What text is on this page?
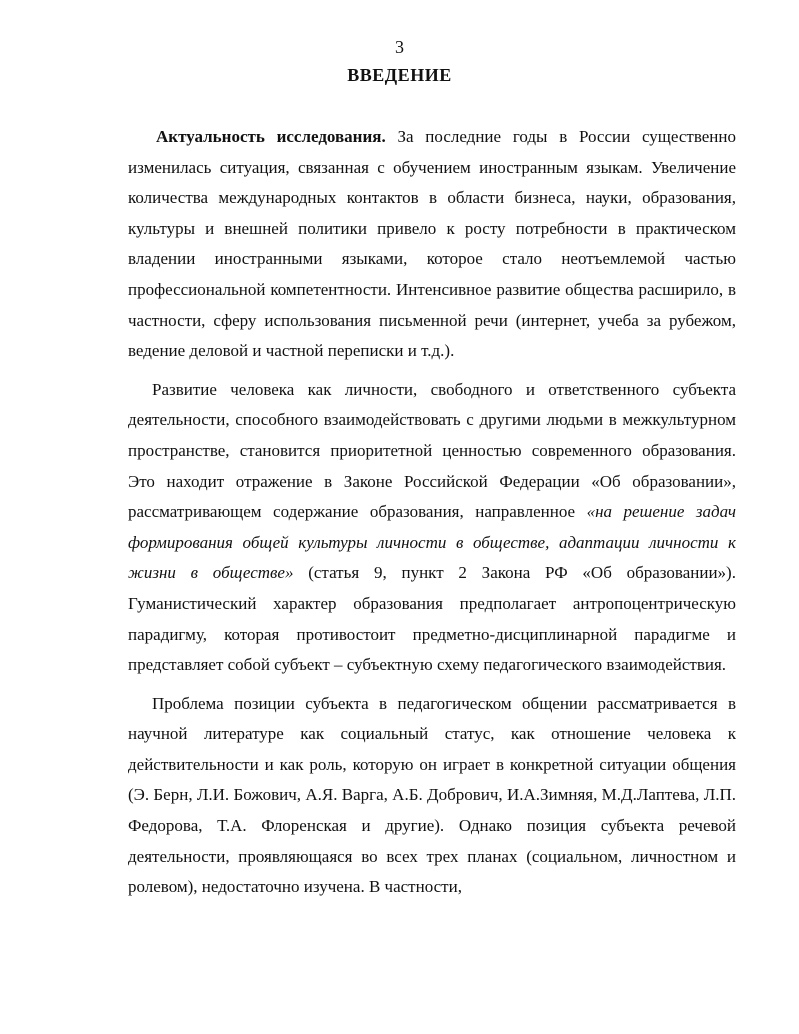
3
ВВЕДЕНИЕ

Актуальность исследования. За последние годы в России существенно изменилась ситуация, связанная с обучением иностранным языкам. Увеличение количества международных контактов в области бизнеса, науки, образования, культуры и внешней политики привело к росту потребности в практическом владении иностранными языками, которое стало неотъемлемой частью профессиональной компетентности. Интенсивное развитие общества расширило, в частности, сферу использования письменной речи (интернет, учеба за рубежом, ведение деловой и частной переписки и т.д.).

Развитие человека как личности, свободного и ответственного субъекта деятельности, способного взаимодействовать с другими людьми в межкультурном пространстве, становится приоритетной ценностью современного образования. Это находит отражение в Законе Российской Федерации «Об образовании», рассматривающем содержание образования, направленное «на решение задач формирования общей культуры личности в обществе, адаптации личности к жизни в обществе» (статья 9, пункт 2 Закона РФ «Об образовании»). Гуманистический характер образования предполагает антропоцентрическую парадигму, которая противостоит предметно-дисциплинарной парадигме и представляет собой субъект – субъектную схему педагогического взаимодействия.

Проблема позиции субъекта в педагогическом общении рассматривается в научной литературе как социальный статус, как отношение человека к действительности и как роль, которую он играет в конкретной ситуации общения (Э. Берн, Л.И. Божович, А.Я. Варга, А.Б. Добрович, И.А.Зимняя, М.Д.Лаптева, Л.П. Федорова, Т.А. Флоренская и другие). Однако позиция субъекта речевой деятельности, проявляющаяся во всех трех планах (социальном, личностном и ролевом), недостаточно изучена. В частности,
